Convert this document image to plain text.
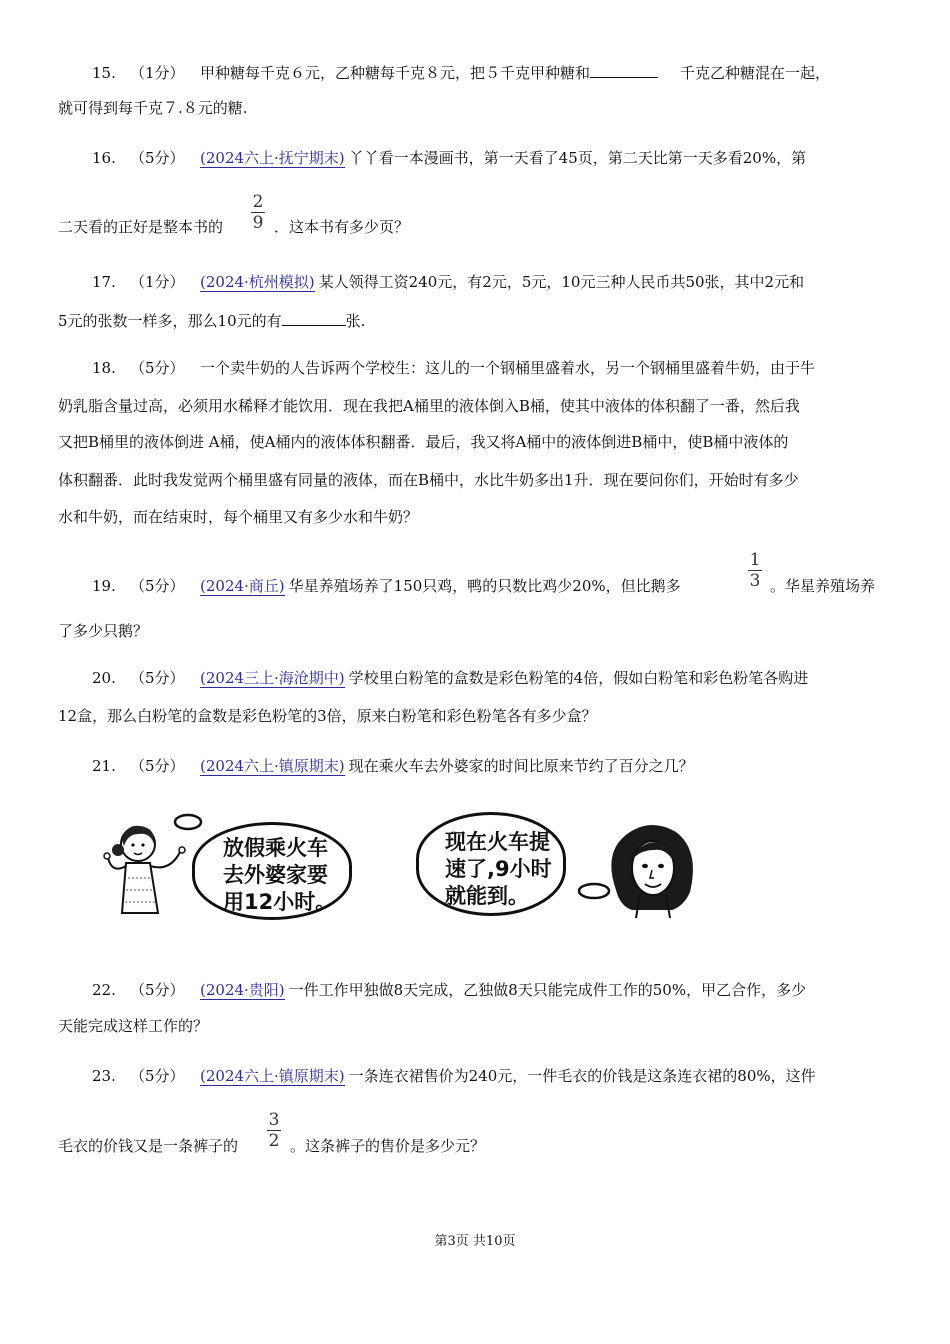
15. （1分） 甲种糖每千克６元，乙种糖每千克８元，把５千克甲种糖和	千克乙种糖混在一起，
就可得到每千克７.８元的糖.
16. （5分） (2024六上·抚宁期末) 丫丫看一本漫画书，第一天看了45页，第二天比第一天多看20%，第
二天看的正好是整本书的
2
9 ．这本书有多少页？
17. （1分） (2024·杭州模拟) 某人领得工资240元，有2元，5元，10元三种人民币共50张，其中2元和
5元的张数一样多，那么10元的有	张.
18. （5分） 一个卖牛奶的人告诉两个学校生：这儿的一个钢桶里盛着水，另一个钢桶里盛着牛奶，由于牛
奶乳脂含量过高，必须用水稀释才能饮用．现在我把A桶里的液体倒入B桶，使其中液体的体积翻了一番，然后我
又把B桶里的液体倒进 A桶，使A桶内的液体体积翻番．最后，我又将A桶中的液体倒进B桶中，使B桶中液体的
体积翻番．此时我发觉两个桶里盛有同量的液体，而在B桶中，水比牛奶多出1升．现在要问你们，开始时有多少
水和牛奶，而在结束时，每个桶里又有多少水和牛奶？
19. （5分） (2024·商丘) 华星养殖场养了150只鸡，鸭的只数比鸡少20%，但比鹅多
1
3 。华星养殖场养
了多少只鹅？
20. （5分） (2024三上·海沧期中) 学校里白粉笔的盒数是彩色粉笔的4倍，假如白粉笔和彩色粉笔各购进
12盒，那么白粉笔的盒数是彩色粉笔的3倍，原来白粉笔和彩色粉笔各有多少盒？
21. （5分） (2024六上·镇原期末) 现在乘火车去外婆家的时间比原来节约了百分之几？
放假乘火车
去外婆家要
用12小时。
现在火车提
速了,9小时
就能到。
22. （5分） (2024·贵阳) 一件工作甲独做8天完成，乙独做8天只能完成件工作的50%，甲乙合作，多少
天能完成这样工作的？
23. （5分） (2024六上·镇原期末) 一条连衣裙售价为240元，一件毛衣的价钱是这条连衣裙的80%，这件
毛衣的价钱又是一条裤子的
3
2 。这条裤子的售价是多少元？
第3页 共10页
